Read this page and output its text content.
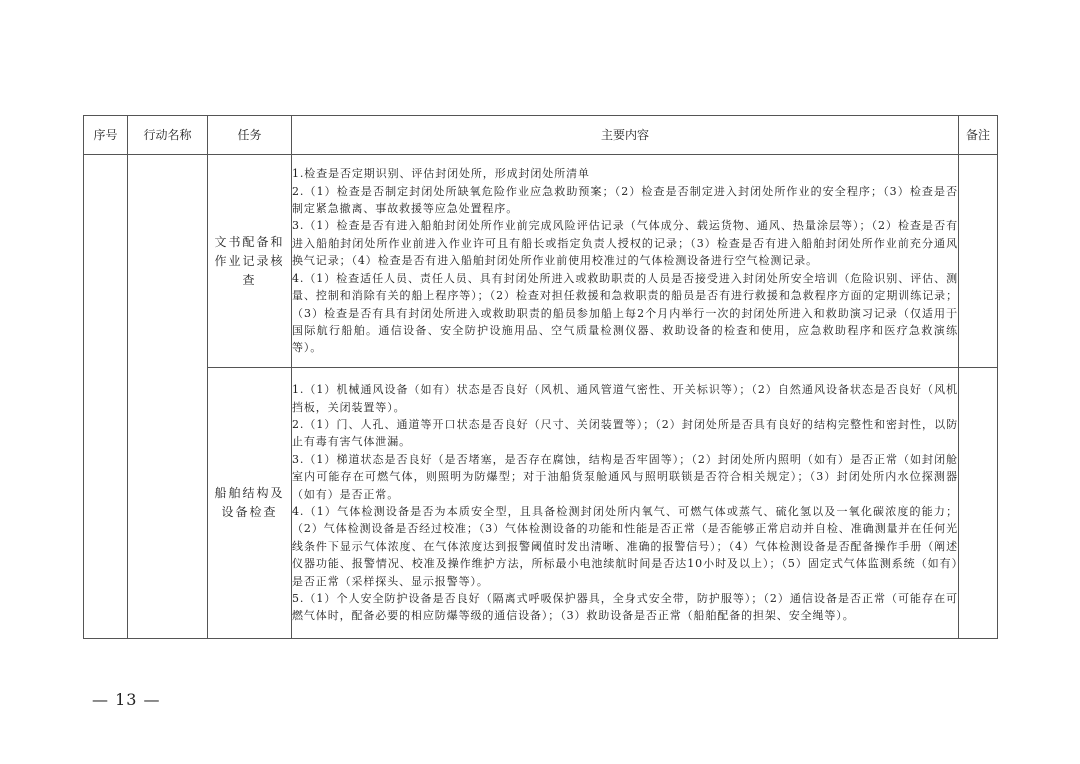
序号	行动名称	任务	主要内容	备注
		文书配备和作业记录核查	1.检查是否定期识别、评估封闭处所，形成封闭处所清单

2.（1）检查是否制定封闭处所缺氧危险作业应急救助预案；（2）检查是否制定进入封闭处所作业的安全程序；（3）检查是否制定紧急撤离、事故救援等应急处置程序。

3.（1）检查是否有进入船舶封闭处所作业前完成风险评估记录（气体成分、载运货物、通风、热量涂层等）；（2）检查是否有进入船舶封闭处所作业前进入作业许可且有船长或指定负责人授权的记录；（3）检查是否有进入船舶封闭处所作业前充分通风换气记录；（4）检查是否有进入船舶封闭处所作业前使用校准过的气体检测设备进行空气检测记录。

4.（1）检查适任人员、责任人员、具有封闭处所进入或救助职责的人员是否接受进入封闭处所安全培训（危险识别、评估、测量、控制和消除有关的船上程序等）；（2）检查对担任救援和急救职责的船员是否有进行救援和急救程序方面的定期训练记录；（3）检查是否有具有封闭处所进入或救助职责的船员参加船上每2个月内举行一次的封闭处所进入和救助演习记录（仅适用于国际航行船舶。通信设备、安全防护设施用品、空气质量检测仪器、救助设备的检查和使用，应急救助程序和医疗急救演练等）。	

		船舶结构及设备检查	1.（1）机械通风设备（如有）状态是否良好（风机、通风管道气密性、开关标识等）；（2）自然通风设备状态是否良好（风机挡板，关闭装置等）。

2.（1）门、人孔、通道等开口状态是否良好（尺寸、关闭装置等）；（2）封闭处所是否具有良好的结构完整性和密封性，以防止有毒有害气体泄漏。

3.（1）梯道状态是否良好（是否堵塞，是否存在腐蚀，结构是否牢固等）；（2）封闭处所内照明（如有）是否正常（如封闭舱室内可能存在可燃气体，则照明为防爆型；对于油船货泵舱通风与照明联锁是否符合相关规定）；（3）封闭处所内水位探测器（如有）是否正常。

4.（1）气体检测设备是否为本质安全型，且具备检测封闭处所内氧气、可燃气体或蒸气、硫化氢以及一氧化碳浓度的能力；（2）气体检测设备是否经过校准；（3）气体检测设备的功能和性能是否正常（是否能够正常启动并自检、准确测量并在任何光线条件下显示气体浓度、在气体浓度达到报警阈值时发出清晰、准确的报警信号）；（4）气体检测设备是否配备操作手册（阐述仪器功能、报警情况、校准及操作维护方法，所标最小电池续航时间是否达10小时及以上）；（5）固定式气体监测系统（如有）是否正常（采样探头、显示报警等）。

5.（1）个人安全防护设备是否良好（隔离式呼吸保护器具，全身式安全带，防护服等）；（2）通信设备是否正常（可能存在可燃气体时，配备必要的相应防爆等级的通信设备）；（3）救助设备是否正常（船舶配备的担架、安全绳等）。	

— 13 —
